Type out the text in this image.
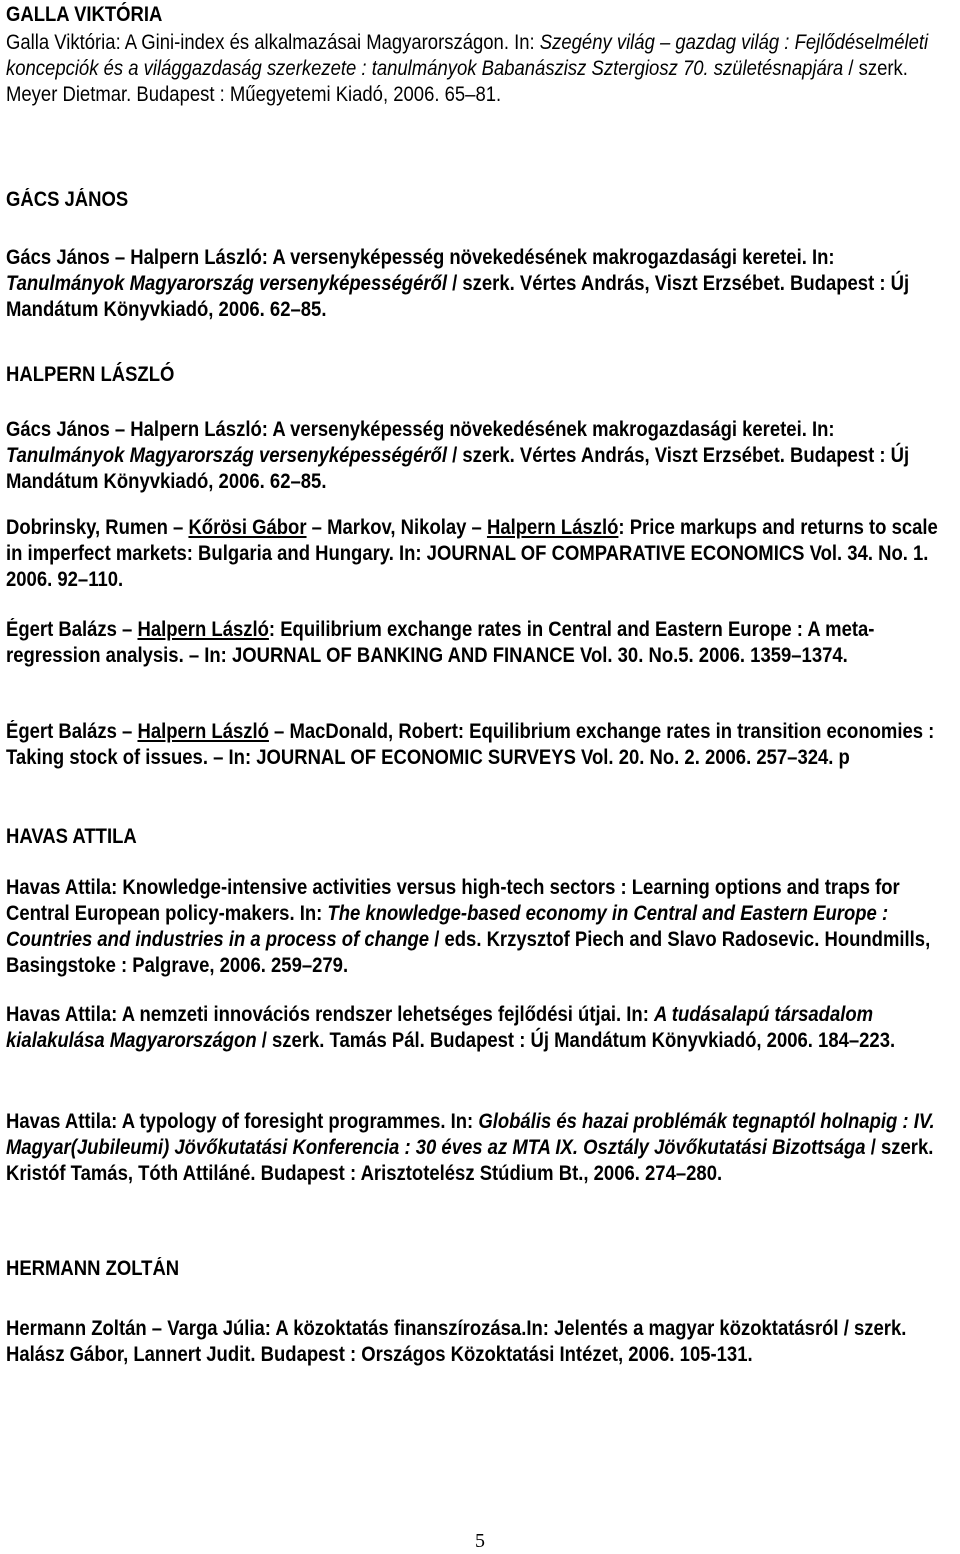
GALLA VIKTÓRIA

Galla Viktória: A Gini-index és alkalmazásai Magyarországon. In: Szegény világ – gazdag világ : Fejlődéselméleti koncepciók és a világgazdaság szerkezete : tanulmányok Babanászisz Sztergiosz 70. születésnapjára / szerk. Meyer Dietmar. Budapest : Műegyetemi Kiadó, 2006. 65–81.

GÁCS JÁNOS

Gács János – Halpern László: A versenyképesség növekedésének makrogazdasági keretei. In: Tanulmányok Magyarország versenyképességéről / szerk. Vértes András, Viszt Erzsébet. Budapest : Új Mandátum Könyvkiadó, 2006. 62–85.

HALPERN LÁSZLÓ

Gács János – Halpern László: A versenyképesség növekedésének makrogazdasági keretei. In: Tanulmányok Magyarország versenyképességéről / szerk. Vértes András, Viszt Erzsébet. Budapest : Új Mandátum Könyvkiadó, 2006. 62–85.

Dobrinsky, Rumen – Kőrösi Gábor – Markov, Nikolay – Halpern László: Price markups and returns to scale in imperfect markets: Bulgaria and Hungary. In: JOURNAL OF COMPARATIVE ECONOMICS Vol. 34. No. 1. 2006. 92–110.

Égert Balázs – Halpern László: Equilibrium exchange rates in Central and Eastern Europe : A meta-regression analysis. – In: JOURNAL OF BANKING AND FINANCE Vol. 30. No.5. 2006. 1359–1374.

Égert Balázs – Halpern László – MacDonald, Robert: Equilibrium exchange rates in transition economies : Taking stock of issues. – In: JOURNAL OF ECONOMIC SURVEYS Vol. 20. No. 2. 2006. 257–324. p

HAVAS ATTILA

Havas Attila: Knowledge-intensive activities versus high-tech sectors : Learning options and traps for Central European policy-makers. In: The knowledge-based economy in Central and Eastern Europe : Countries and industries in a process of change / eds. Krzysztof Piech and Slavo Radosevic. Houndmills, Basingstoke : Palgrave, 2006. 259–279.

Havas Attila: A nemzeti innovációs rendszer lehetséges fejlődési útjai. In: A tudásalapú társadalom kialakulása Magyarországon / szerk. Tamás Pál. Budapest : Új Mandátum Könyvkiadó, 2006. 184–223.

Havas Attila: A typology of foresight programmes. In: Globális és hazai problémák tegnaptól holnapig : IV. Magyar(Jubileumi) Jövőkutatási Konferencia : 30 éves az MTA IX. Osztály Jövőkutatási Bizottsága / szerk. Kristóf Tamás, Tóth Attiláné. Budapest : Arisztotelész Stúdium Bt., 2006. 274–280.

HERMANN ZOLTÁN

Hermann Zoltán – Varga Júlia: A közoktatás finanszírozása.In: Jelentés a magyar közoktatásról / szerk. Halász Gábor, Lannert Judit. Budapest : Országos Közoktatási Intézet, 2006. 105-131.

5
